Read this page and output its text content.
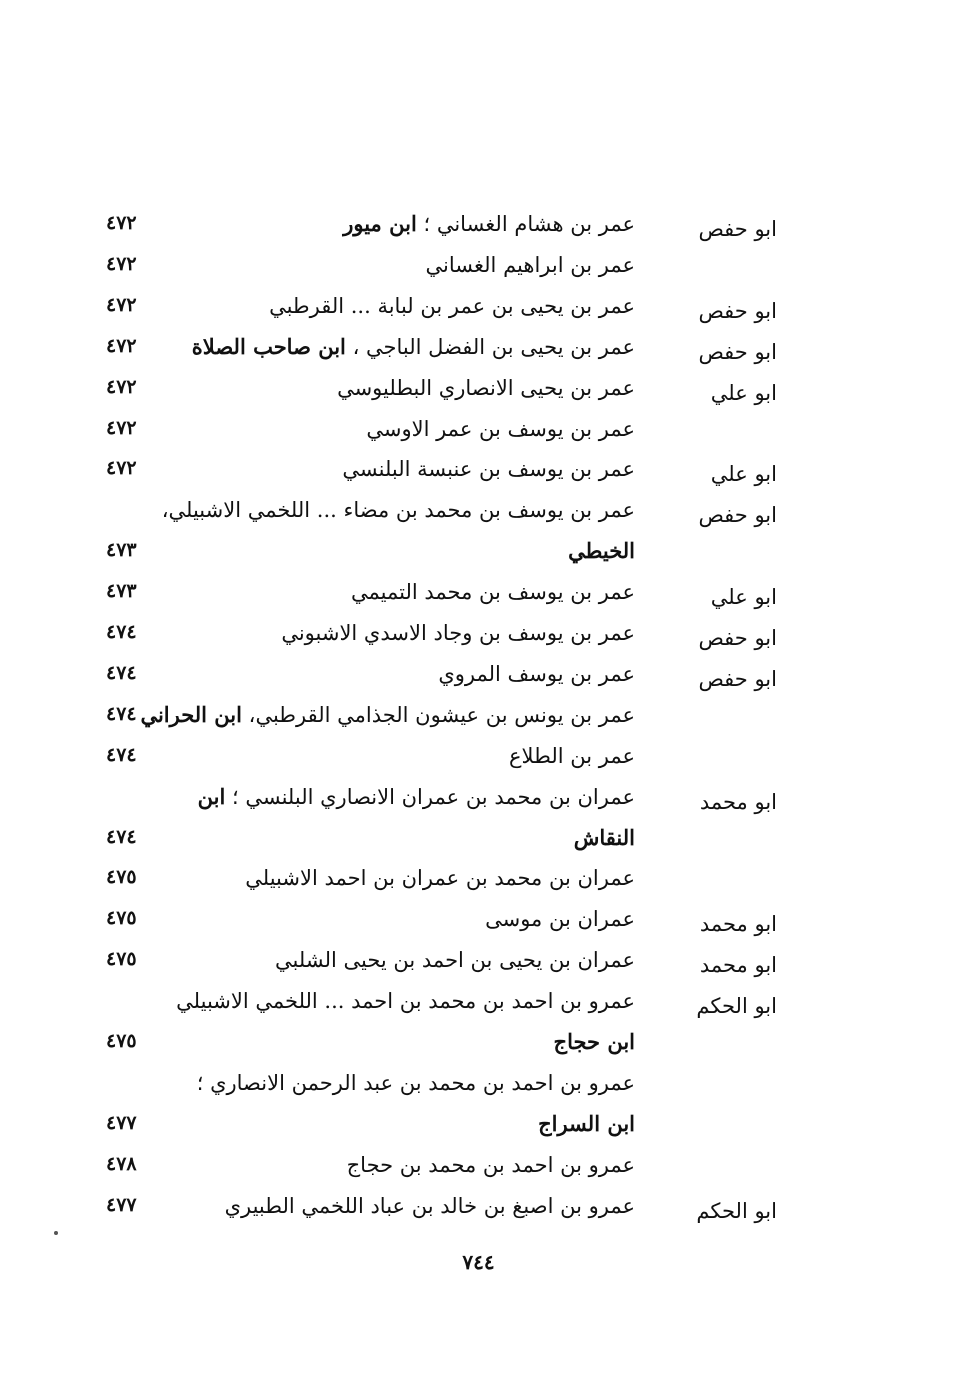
ابو حفص
عمر بن هشام الغساني ؛ ابن ميور
٤٧٢
عمر بن ابراهيم الغساني
٤٧٢
ابو حفص
عمر بن يحيى بن عمر بن لبابة ... القرطبي
٤٧٢
ابو حفص
عمر بن يحيى بن الفضل الباجي ، ابن صاحب الصلاة
٤٧٢
ابو علي
عمر بن يحيى الانصاري البطليوسي
٤٧٢
عمر بن يوسف بن عمر الاوسي
٤٧٢
ابو علي
عمر بن يوسف بن عنبسة البلنسي
٤٧٢
ابو حفص
عمر بن يوسف بن محمد بن مضاء ... اللخمي الاشبيلي،
الخيطي
٤٧٣
ابو علي
عمر بن يوسف بن محمد التميمي
٤٧٣
ابو حفص
عمر بن يوسف بن وجاد الاسدي الاشبوني
٤٧٤
ابو حفص
عمر بن يوسف المروي
٤٧٤
عمر بن يونس بن عيشون الجذامي القرطبي، ابن الحراني
٤٧٤
عمر بن الطلاع
٤٧٤
ابو محمد
عمران بن محمد بن عمران الانصاري البلنسي ؛ ابن
النقاش
٤٧٤
عمران بن محمد بن عمران بن احمد الاشبيلي
٤٧٥
ابو محمد
عمران بن موسى
٤٧٥
ابو محمد
عمران بن يحيى بن احمد بن يحيى الشلبي
٤٧٥
ابو الحكم
عمرو بن احمد بن محمد بن احمد ... اللخمي الاشبيلي
ابن حجاج
٤٧٥
عمرو بن احمد بن محمد بن عبد الرحمن الانصاري ؛
ابن السراج
٤٧٧
عمرو بن احمد بن محمد بن حجاج
٤٧٨
ابو الحكم
عمرو بن اصبغ بن خالد بن عباد اللخمي الطبيري
٤٧٧
٧٤٤
